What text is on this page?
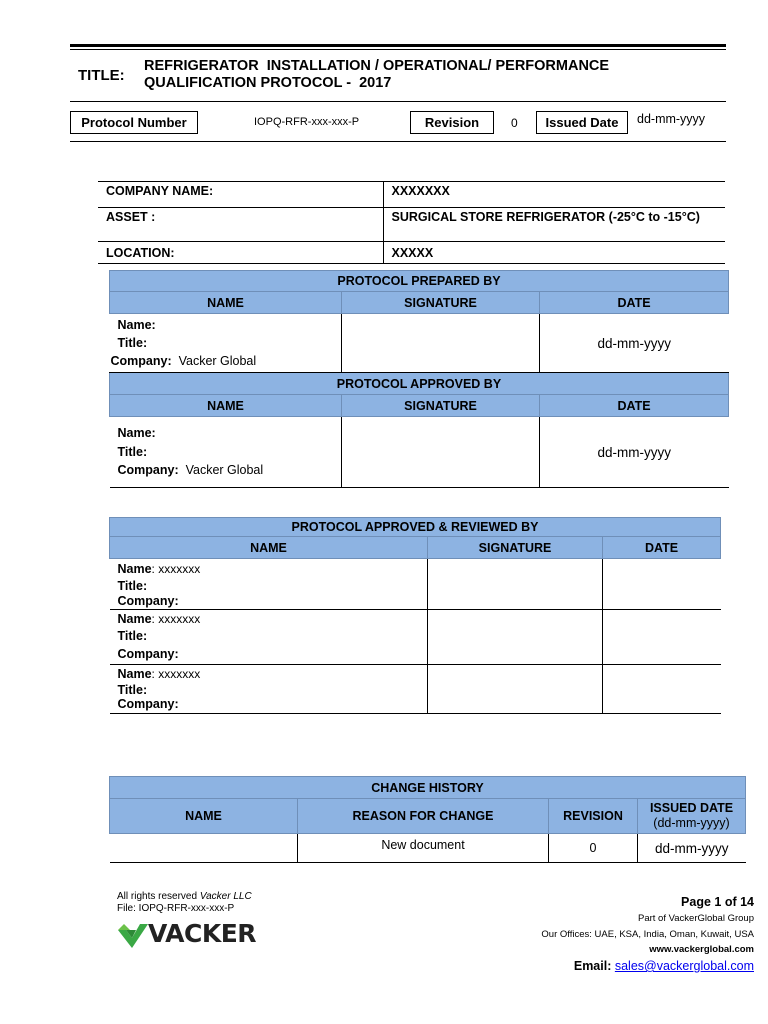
TITLE:
REFRIGERATOR  INSTALLATION / OPERATIONAL/ PERFORMANCE
QUALIFICATION PROTOCOL -  2017
Protocol Number	IOPQ-RFR-xxx-xxx-P	Revision	0	Issued Date	dd-mm-yyyy
COMPANY NAME:	XXXXXXX
ASSET :	SURGICAL STORE REFRIGERATOR (-25°C to -15°C)
LOCATION:	XXXXX
PROTOCOL PREPARED BY		
NAME	SIGNATURE	DATE

Name:
Title:
Company: Vacker Global		dd-mm-yyyy
PROTOCOL APPROVED BY		
NAME	SIGNATURE	DATE

Name:
Title:
Company: Vacker Global		dd-mm-yyyy
PROTOCOL APPROVED & REVIEWED BY		
NAME	SIGNATURE	DATE

Name: xxxxxxx
Title:
Company:		

Name: xxxxxxx
Title:
Company:		

Name: xxxxxxx
Title:
Company:		

CHANGE HISTORY			
NAME	REASON FOR CHANGE	REVISION	ISSUED DATE
(dd-mm-yyyy)

	New document	0	dd-mm-yyyy
All rights reserved Vacker LLC
File: IOPQ-RFR-xxx-xxx-P
VACKER
Page 1 of 14
Part of VackerGlobal Group
Our Offices: UAE, KSA, India, Oman, Kuwait, USA
www.vackerglobal.com
Email: sales@vackerglobal.com
